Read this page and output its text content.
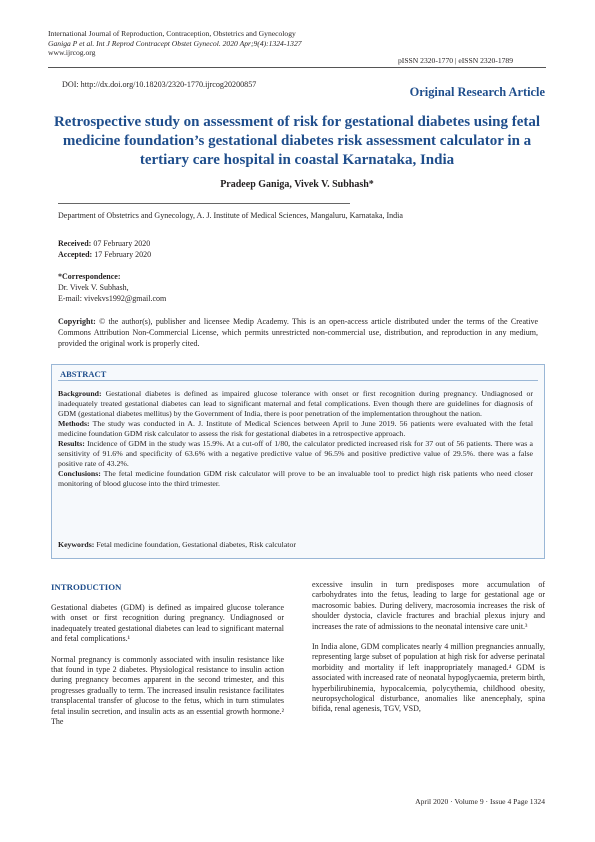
International Journal of Reproduction, Contraception, Obstetrics and Gynecology
Ganiga P et al. Int J Reprod Contracept Obstet Gynecol. 2020 Apr;9(4):1324-1327
www.ijrcog.org
pISSN 2320-1770 | eISSN 2320-1789
DOI: http://dx.doi.org/10.18203/2320-1770.ijrcog20200857
Original Research Article
Retrospective study on assessment of risk for gestational diabetes using fetal medicine foundation’s gestational diabetes risk assessment calculator in a tertiary care hospital in coastal Karnataka, India
Pradeep Ganiga, Vivek V. Subhash*
Department of Obstetrics and Gynecology, A. J. Institute of Medical Sciences, Mangaluru, Karnataka, India
Received: 07 February 2020
Accepted: 17 February 2020
*Correspondence:
Dr. Vivek V. Subhash,
E-mail: vivekvs1992@gmail.com
Copyright: © the author(s), publisher and licensee Medip Academy. This is an open-access article distributed under the terms of the Creative Commons Attribution Non-Commercial License, which permits unrestricted non-commercial use, distribution, and reproduction in any medium, provided the original work is properly cited.
ABSTRACT

Background: Gestational diabetes is defined as impaired glucose tolerance with onset or first recognition during pregnancy. Undiagnosed or inadequately treated gestational diabetes can lead to significant maternal and fetal complications. Even though there are guidelines for diagnosis of GDM (gestational diabetes mellitus) by the Government of India, there is poor penetration of the implementation throughout the nation.

Methods: The study was conducted in A. J. Institute of Medical Sciences between April to June 2019. 56 patients were evaluated with the fetal medicine foundation GDM risk calculator to assess the risk for gestational diabetes in a retrospective approach.

Results: Incidence of GDM in the study was 15.9%. At a cut-off of 1/80, the calculator predicted increased risk for 37 out of 56 patients. There was a sensitivity of 91.6% and specificity of 63.6% with a negative predictive value of 96.5% and positive predictive value of 29.5%. there was a false positive rate of 43.2%.

Conclusions: The fetal medicine foundation GDM risk calculator will prove to be an invaluable tool to predict high risk patients who need closer monitoring of blood glucose into the third trimester.

Keywords: Fetal medicine foundation, Gestational diabetes, Risk calculator
INTRODUCTION

Gestational diabetes (GDM) is defined as impaired glucose tolerance with onset or first recognition during pregnancy. Undiagnosed or inadequately treated gestational diabetes can lead to significant maternal and fetal complications.¹

Normal pregnancy is commonly associated with insulin resistance like that found in type 2 diabetes. Physiological resistance to insulin action during pregnancy becomes apparent in the second trimester, and this progresses gradually to term. The increased insulin resistance facilitates transplacental transfer of glucose to the fetus, which in turn stimulates fetal insulin secretion, and insulin acts as an essential growth hormone.² The

excessive insulin in turn predisposes more accumulation of carbohydrates into the fetus, leading to large for gestational age or macrosomic babies. During delivery, macrosomia increases the risk of shoulder dystocia, clavicle fractures and brachial plexus injury and increases the rate of admissions to the neonatal intensive care unit.³

In India alone, GDM complicates nearly 4 million pregnancies annually, representing large subset of population at high risk for adverse perinatal morbidity and mortality if left inappropriately managed.⁴ GDM is associated with increased rate of neonatal hypoglycaemia, preterm birth, hyperbilirubinemia, hypocalcemia, polycythemia, childhood obesity, neuropsychological disturbance, anomalies like anencephaly, spina bifida, renal agenesis, TGV, VSD,

April 2020 · Volume 9 · Issue 4 Page 1324
